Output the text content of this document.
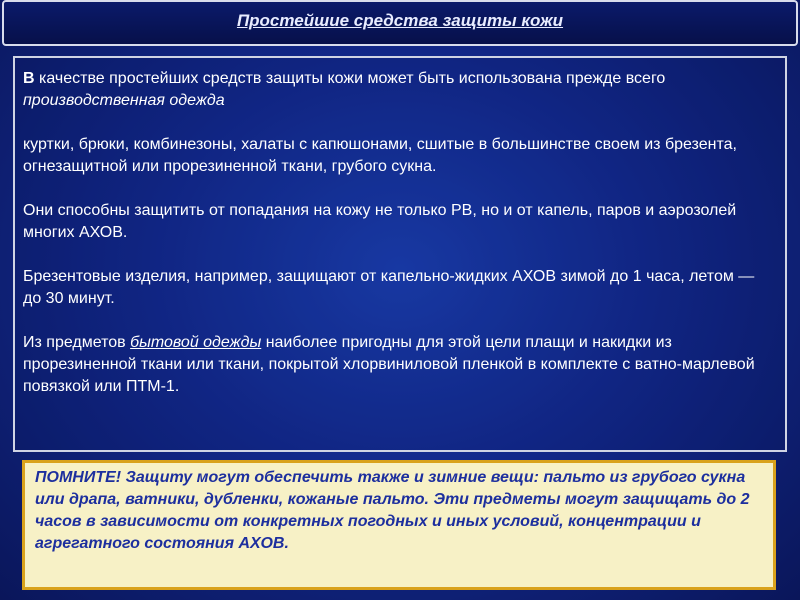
Простейшие средства защиты кожи

В качестве простейших средств защиты кожи может быть использована прежде всего производственная одежда

куртки, брюки, комбинезоны, халаты с капюшонами, сшитые в большинстве своем из брезента, огнезащитной или прорезиненной ткани, грубого сукна.

Они способны защитить от попадания на кожу не только РВ, но и от капель, паров и аэрозолей многих АХОВ.

Брезентовые изделия, например, защищают от капельно-жидких АХОВ зимой до 1 часа, летом — до 30 минут.

Из предметов бытовой одежды наиболее пригодны для этой цели плащи и накидки из прорезиненной ткани или ткани, покрытой хлорвиниловой пленкой в комплекте с ватно-марлевой повязкой или ПТМ-1.

ПОМНИТЕ! Защиту могут обеспечить также и зимние вещи: пальто из грубого сукна или драпа, ватники, дубленки, кожаные пальто. Эти предметы могут защищать до 2 часов в зависимости от конкретных погодных и иных условий, концентрации и агрегатного состояния АХОВ.
